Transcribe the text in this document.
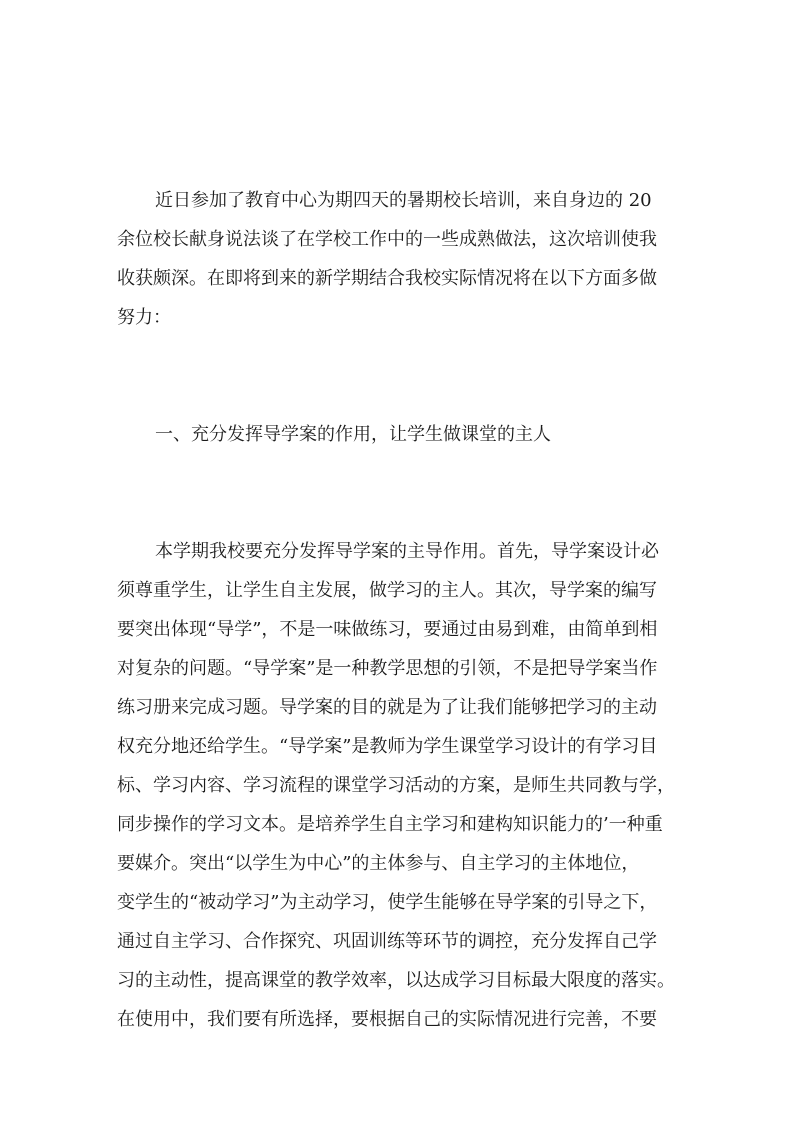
近日参加了教育中心为期四天的暑期校长培训，来自身边的 20
余位校长献身说法谈了在学校工作中的一些成熟做法，这次培训使我
收获颇深。在即将到来的新学期结合我校实际情况将在以下方面多做
努力：
一、充分发挥导学案的作用，让学生做课堂的主人
本学期我校要充分发挥导学案的主导作用。首先，导学案设计必
须尊重学生，让学生自主发展，做学习的主人。其次，导学案的编写
要突出体现“导学”，不是一味做练习，要通过由易到难，由简单到相
对复杂的问题。“导学案”是一种教学思想的引领，不是把导学案当作
练习册来完成习题。导学案的目的就是为了让我们能够把学习的主动
权充分地还给学生。“导学案”是教师为学生课堂学习设计的有学习目
标、学习内容、学习流程的课堂学习活动的方案，是师生共同教与学，
同步操作的学习文本。是培养学生自主学习和建构知识能力的’一种重
要媒介。突出“以学生为中心”的主体参与、自主学习的主体地位，
变学生的“被动学习”为主动学习，使学生能够在导学案的引导之下，
通过自主学习、合作探究、巩固训练等环节的调控，充分发挥自己学
习的主动性，提高课堂的教学效率，以达成学习目标最大限度的落实。
在使用中，我们要有所选择，要根据自己的实际情况进行完善，不要
